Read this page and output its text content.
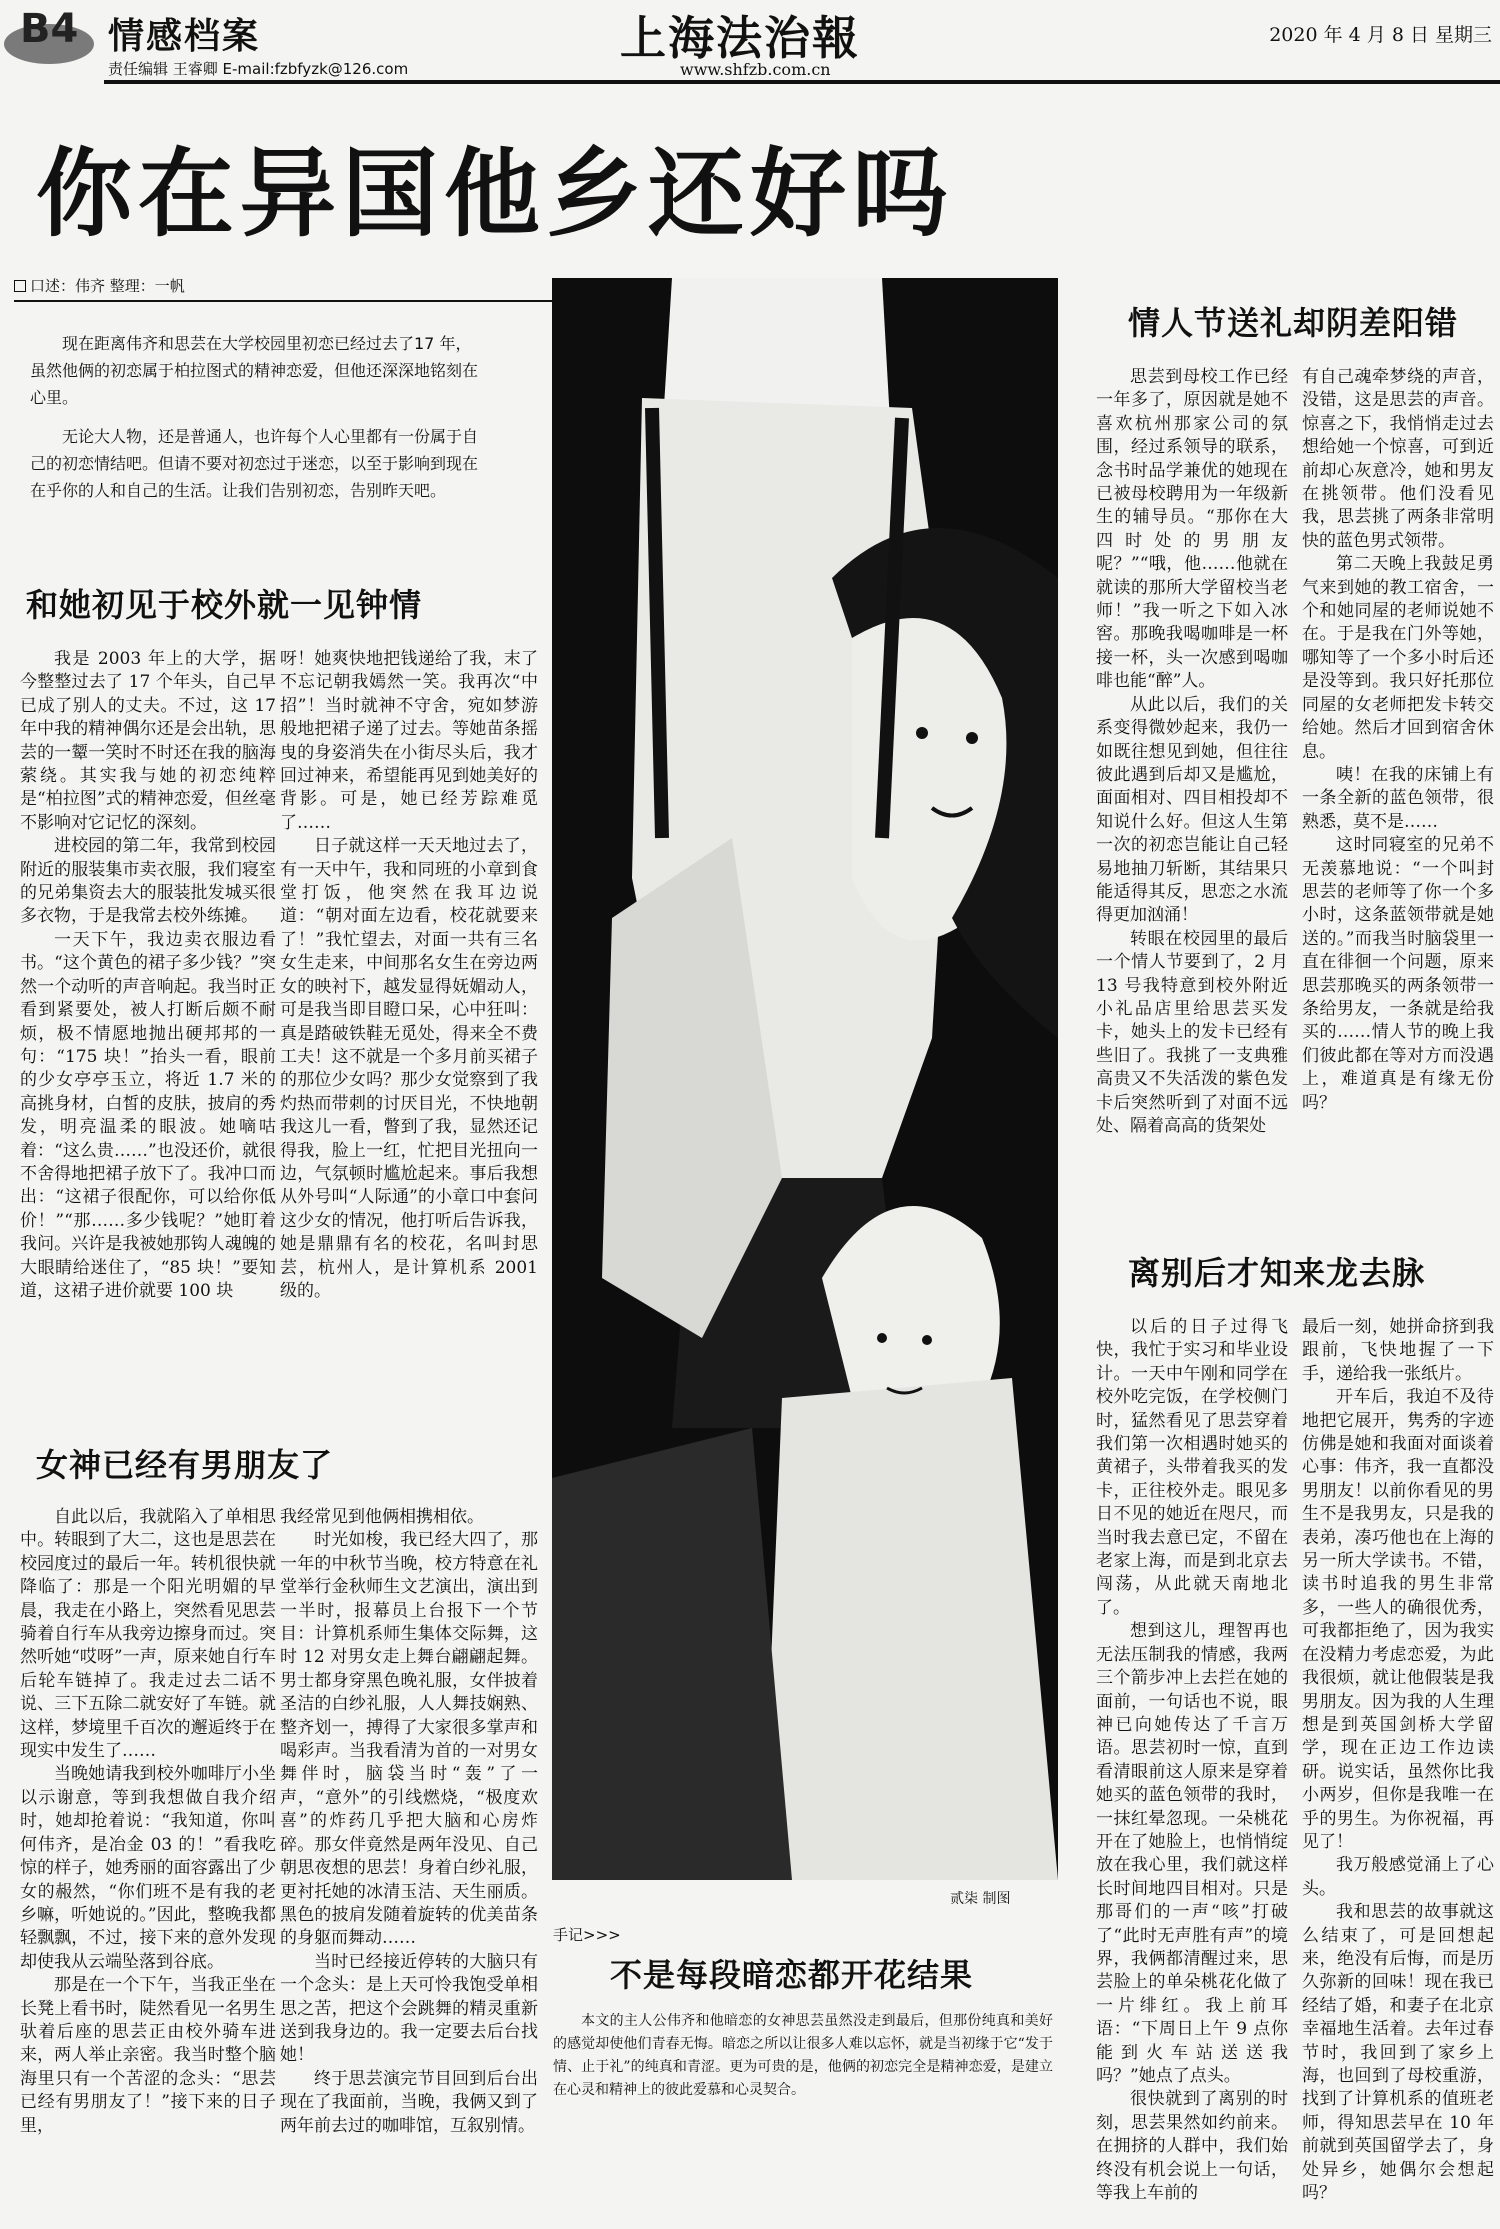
B4 情感档案
责任编辑 王睿卿 E-mail:fzbfyzk@126.com
上海法治報
www.shfzb.com.cn
2020 年 4 月 8 日 星期三
你在异国他乡还好吗
口述：伟齐 整理：一帆

现在距离伟齐和思芸在大学校园里初恋已经过去了17 年，虽然他俩的初恋属于柏拉图式的精神恋爱，但他还深深地铭刻在心里。

无论大人物，还是普通人，也许每个人心里都有一份属于自己的初恋情结吧。但请不要对初恋过于迷恋，以至于影响到现在在乎你的人和自己的生活。让我们告别初恋，告别昨天吧。

和她初见于校外就一见钟情

我是 2003 年上的大学，据今整整过去了 17 个年头，自己早已成了别人的丈夫。不过，这 17 年中我的精神偶尔还是会出轨，思芸的一颦一笑时不时还在我的脑海萦绕。其实我与她的初恋纯粹是“柏拉图”式的精神恋爱，但丝毫不影响对它记忆的深刻。

进校园的第二年，我常到校园附近的服装集市卖衣服，我们寝室的兄弟集资去大的服装批发城买很多衣物，于是我常去校外练摊。

一天下午，我边卖衣服边看书。“这个黄色的裙子多少钱？”突然一个动听的声音响起。我当时正看到紧要处，被人打断后颇不耐烦，极不情愿地抛出硬邦邦的一句：“175 块！”抬头一看，眼前的少女亭亭玉立，将近 1.7 米的高挑身材，白皙的皮肤，披肩的秀发，明亮温柔的眼波。她嘀咕着：“这么贵……”也没还价，就很不舍得地把裙子放下了。我冲口而出：“这裙子很配你，可以给你低价！”“那……多少钱呢？”她盯着我问。兴许是我被她那钩人魂魄的大眼睛给迷住了，“85 块！”要知道，这裙子进价就要 100 块

呀！她爽快地把钱递给了我，末了不忘记朝我嫣然一笑。我再次“中招”！当时就神不守舍，宛如梦游般地把裙子递了过去。等她苗条摇曳的身姿消失在小街尽头后，我才回过神来，希望能再见到她美好的背影。可是，她已经芳踪难觅了……

日子就这样一天天地过去了，有一天中午，我和同班的小章到食堂打饭，他突然在我耳边说道：“朝对面左边看，校花就要来了！”我忙望去，对面一共有三名女生走来，中间那名女生在旁边两女的映衬下，越发显得妩媚动人，可是我当即目瞪口呆，心中狂叫：真是踏破铁鞋无觅处，得来全不费工夫！这不就是一个多月前买裙子的那位少女吗？那少女觉察到了我灼热而带刺的讨厌目光，不快地朝我这儿一看，瞥到了我，显然还记得我，脸上一红，忙把目光扭向一边，气氛顿时尴尬起来。事后我想从外号叫“人际通”的小章口中套问这少女的情况，他打听后告诉我，她是鼎鼎有名的校花，名叫封思芸，杭州人，是计算机系 2001 级的。

女神已经有男朋友了

自此以后，我就陷入了单相思中。转眼到了大二，这也是思芸在校园度过的最后一年。转机很快就降临了：那是一个阳光明媚的早晨，我走在小路上，突然看见思芸骑着自行车从我旁边擦身而过。突然听她“哎呀”一声，原来她自行车后轮车链掉了。我走过去二话不说、三下五除二就安好了车链。就这样，梦境里千百次的邂逅终于在现实中发生了……

当晚她请我到校外咖啡厅小坐以示谢意，等到我想做自我介绍时，她却抢着说：“我知道，你叫何伟齐，是冶金 03 的！”看我吃惊的样子，她秀丽的面容露出了少女的赧然，“你们班不是有我的老乡嘛，听她说的。”因此，整晚我都轻飘飘，不过，接下来的意外发现却使我从云端坠落到谷底。

那是在一个下午，当我正坐在长凳上看书时，陡然看见一名男生驮着后座的思芸正由校外骑车进来，两人举止亲密。我当时整个脑海里只有一个苦涩的念头：“思芸已经有男朋友了！”接下来的日子里，

我经常见到他俩相携相依。

时光如梭，我已经大四了，那一年的中秋节当晚，校方特意在礼堂举行金秋师生文艺演出，演出到一半时，报幕员上台报下一个节目：计算机系师生集体交际舞，这时 12 对男女走上舞台翩翩起舞。男士都身穿黑色晚礼服，女伴披着圣洁的白纱礼服，人人舞技娴熟、整齐划一，搏得了大家很多掌声和喝彩声。当我看清为首的一对男女舞伴时，脑袋当时“轰”了一声，“意外”的引线燃烧，“极度欢喜”的炸药几乎把大脑和心房炸碎。那女伴竟然是两年没见、自己朝思夜想的思芸！身着白纱礼服，更衬托她的冰清玉洁、天生丽质。黑色的披肩发随着旋转的优美苗条的身躯而舞动……

当时已经接近停转的大脑只有一个念头：是上天可怜我饱受单相思之苦，把这个会跳舞的精灵重新送到我身边的。我一定要去后台找她！

终于思芸演完节目回到后台出现在了我面前，当晚，我俩又到了两年前去过的咖啡馆，互叙别情。

贰柒 制图
情人节送礼却阴差阳错

思芸到母校工作已经一年多了，原因就是她不喜欢杭州那家公司的氛围，经过系领导的联系，念书时品学兼优的她现在已被母校聘用为一年级新生的辅导员。“那你在大四时处的男朋友呢？”“哦，他……他就在就读的那所大学留校当老师！”我一听之下如入冰窖。那晚我喝咖啡是一杯接一杯，头一次感到喝咖啡也能“醉”人。

从此以后，我们的关系变得微妙起来，我仍一如既往想见到她，但往往彼此遇到后却又是尴尬，面面相对、四目相投却不知说什么好。但这人生第一次的初恋岂能让自己轻易地抽刀斩断，其结果只能适得其反，思恋之水流得更加汹涌！

转眼在校园里的最后一个情人节要到了，2 月 13 号我特意到校外附近小礼品店里给思芸买发卡，她头上的发卡已经有些旧了。我挑了一支典雅高贵又不失活泼的紫色发卡后突然听到了对面不远处、隔着高高的货架处

有自己魂牵梦绕的声音，没错，这是思芸的声音。惊喜之下，我悄悄走过去想给她一个惊喜，可到近前却心灰意冷，她和男友在挑领带。他们没看见我，思芸挑了两条非常明快的蓝色男式领带。

第二天晚上我鼓足勇气来到她的教工宿舍，一个和她同屋的老师说她不在。于是我在门外等她，哪知等了一个多小时后还是没等到。我只好托那位同屋的女老师把发卡转交给她。然后才回到宿舍休息。

咦！在我的床铺上有一条全新的蓝色领带，很熟悉，莫不是……

这时同寝室的兄弟不无羡慕地说：“一个叫封思芸的老师等了你一个多小时，这条蓝领带就是她送的。”而我当时脑袋里一直在徘徊一个问题，原来思芸那晚买的两条领带一条给男友，一条就是给我买的……情人节的晚上我们彼此都在等对方而没遇上，难道真是有缘无份吗？

离别后才知来龙去脉

以后的日子过得飞快，我忙于实习和毕业设计。一天中午刚和同学在校外吃完饭，在学校侧门时，猛然看见了思芸穿着我们第一次相遇时她买的黄裙子，头带着我买的发卡，正往校外走。眼见多日不见的她近在咫尺，而当时我去意已定，不留在老家上海，而是到北京去闯荡，从此就天南地北了。

想到这儿，理智再也无法压制我的情感，我两三个箭步冲上去拦在她的面前，一句话也不说，眼神已向她传达了千言万语。思芸初时一惊，直到看清眼前这人原来是穿着她买的蓝色领带的我时，一抹红晕忽现。一朵桃花开在了她脸上，也悄悄绽放在我心里，我们就这样长时间地四目相对。只是那哥们的一声“咳”打破了“此时无声胜有声”的境界，我俩都清醒过来，思芸脸上的单朵桃花化做了一片绯红。我上前耳语：“下周日上午 9 点你能到火车站送送我吗？”她点了点头。

很快就到了离别的时刻，思芸果然如约前来。在拥挤的人群中，我们始终没有机会说上一句话，等我上车前的

最后一刻，她拼命挤到我跟前，飞快地握了一下手，递给我一张纸片。

开车后，我迫不及待地把它展开，隽秀的字迹仿佛是她和我面对面谈着心事：伟齐，我一直都没男朋友！以前你看见的男生不是我男友，只是我的表弟，凑巧他也在上海的另一所大学读书。不错，读书时追我的男生非常多，一些人的确很优秀，可我都拒绝了，因为我实在没精力考虑恋爱，为此我很烦，就让他假装是我男朋友。因为我的人生理想是到英国剑桥大学留学，现在正边工作边读研。说实话，虽然你比我小两岁，但你是我唯一在乎的男生。为你祝福，再见了！

我万般感觉涌上了心头。

我和思芸的故事就这么结束了，可是回想起来，绝没有后悔，而是历久弥新的回味！现在我已经结了婚，和妻子在北京幸福地生活着。去年过春节时，我回到了家乡上海，也回到了母校重游，找到了计算机系的值班老师，得知思芸早在 10 年前就到英国留学去了，身处异乡，她偶尔会想起吗？

手记>>>
不是每段暗恋都开花结果

本文的主人公伟齐和他暗恋的女神思芸虽然没走到最后，但那份纯真和美好的感觉却使他们青春无悔。暗恋之所以让很多人难以忘怀，就是当初缘于它“发于情、止于礼”的纯真和青涩。更为可贵的是，他俩的初恋完全是精神恋爱，是建立在心灵和精神上的彼此爱慕和心灵契合。
